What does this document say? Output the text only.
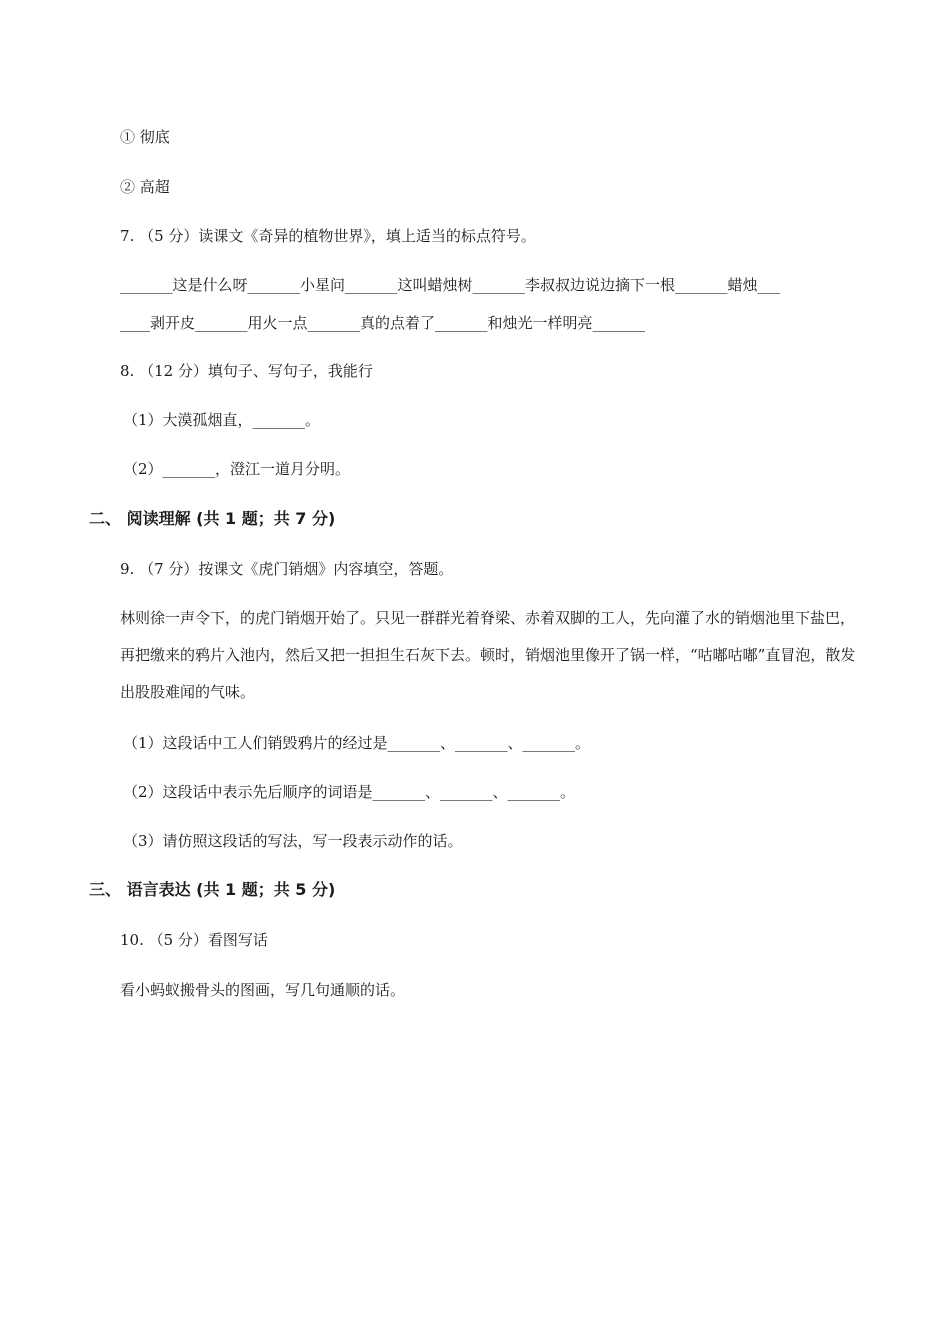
① 彻底
② 高超
7. （5 分）读课文《奇异的植物世界》，填上适当的标点符号。
_______这是什么呀_______小星问_______这叫蜡烛树_______李叔叔边说边摘下一根_______蜡烛___
____剥开皮_______用火一点_______真的点着了_______和烛光一样明亮_______
8. （12 分）填句子、写句子，我能行
（1）大漠孤烟直，_______。
（2）_______，澄江一道月分明。
二、 阅读理解 (共 1 题；共 7 分)
9. （7 分）按课文《虎门销烟》内容填空，答题。
林则徐一声令下，的虎门销烟开始了。只见一群群光着脊梁、赤着双脚的工人，先向灌了水的销烟池里下盐巴，再把缴来的鸦片入池内，然后又把一担担生石灰下去。顿时，销烟池里像开了锅一样，“咕嘟咕嘟”直冒泡，散发出股股难闻的气味。
（1）这段话中工人们销毁鸦片的经过是_______、_______、_______。
（2）这段话中表示先后顺序的词语是_______、_______、_______。
（3）请仿照这段话的写法，写一段表示动作的话。
三、 语言表达 (共 1 题；共 5 分)
10. （5 分）看图写话
看小蚂蚁搬骨头的图画，写几句通顺的话。
